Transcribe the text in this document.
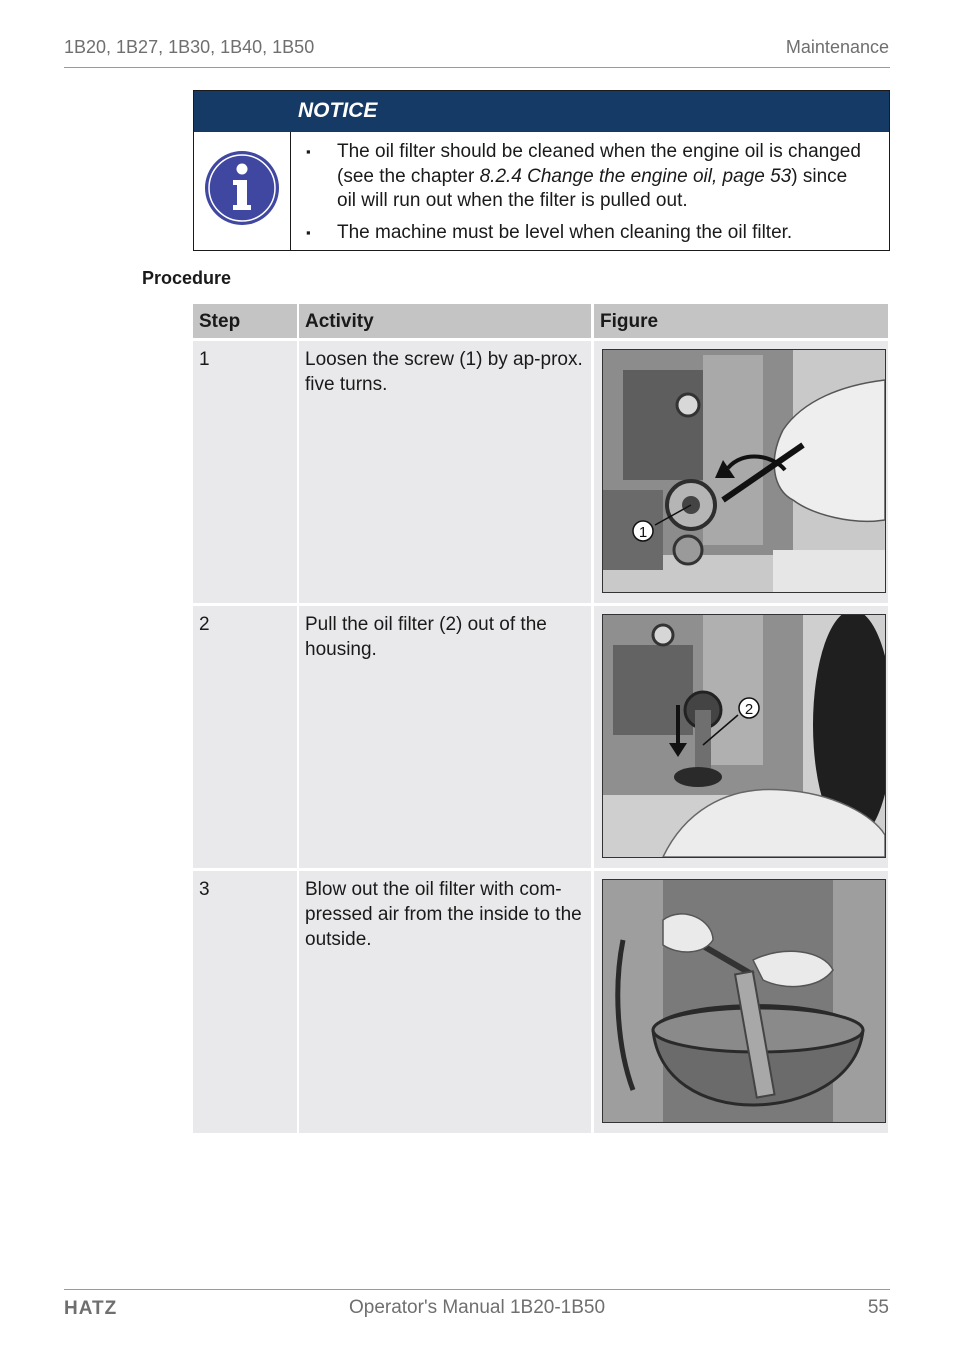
1B20, 1B27, 1B30, 1B40, 1B50	Maintenance
NOTICE
▪ The oil filter should be cleaned when the engine oil is changed (see the chapter 8.2.4 Change the engine oil, page 53) since oil will run out when the filter is pulled out.
▪ The machine must be level when cleaning the oil filter.
Procedure
Step	Activity	Figure
1	Loosen the screw (1) by ap-prox. five turns.
1
2	Pull the oil filter (2) out of the housing.
2
3	Blow out the oil filter with com-pressed air from the inside to the outside.
HATZ	Operator's Manual 1B20-1B50	55
